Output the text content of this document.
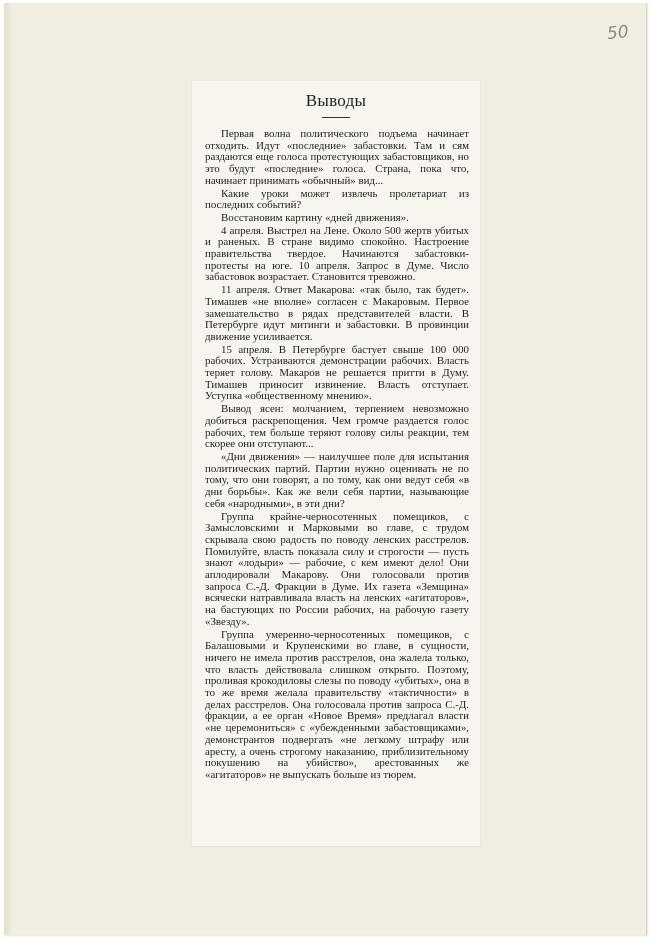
50
Выводы

Первая волна политического подъема начинает отходить. Идут «последние» забастовки. Там и сям раздаются еще голоса протестующих забастовщиков, но это будут «последние» голоса. Страна, пока что, начинает принимать «обычный» вид...

Какие уроки может извлечь пролетариат из последних событий?

Восстановим картину «дней движения».

4 апреля. Выстрел на Лене. Около 500 жертв убитых и раненых. В стране видимо спокойно. Настроение правительства твердое. Начинаются забастовки-протесты на юге. 10 апреля. Запрос в Думе. Число забастовок возрастает. Становится тревожно.

11 апреля. Ответ Макарова: «так было, так будет». Тимашев «не вполне» согласен с Макаровым. Первое замешательство в рядах представителей власти. В Петербурге идут митинги и забастовки. В провинции движение усиливается.

15 апреля. В Петербурге бастует свыше 100 000 рабочих. Устраиваются демонстрации рабочих. Власть теряет голову. Макаров не решается притти в Думу. Тимашев приносит извинение. Власть отступает. Уступка «общественному мнению».

Вывод ясен: молчанием, терпением невозможно добиться раскрепощения. Чем громче раздается голос рабочих, тем больше теряют голову силы реакции, тем скорее они отступают...

«Дни движения» — наилучшее поле для испытания политических партий. Партии нужно оценивать не по тому, что они говорят, а по тому, как они ведут себя «в дни борьбы». Как же вели себя партии, называющие себя «народными», в эти дни?

Группа крайне-черносотенных помещиков, с Замысловскими и Марковыми во главе, с трудом скрывала свою радость по поводу ленских расстрелов. Помилуйте, власть показала силу и строгости — пусть знают «лодыри» — рабочие, с кем имеют дело! Они аплодировали Макарову. Они голосовали против запроса С.-Д. Фракции в Думе. Их газета «Земщина» всячески натравливала власть на ленских «агитаторов», на бастующих по России рабочих, на рабочую газету «Звезду».

Группа умеренно-черносотенных помещиков, с Балашовыми и Крупенскими во главе, в сущности, ничего не имела против расстрелов, она жалела только, что власть действовала слишком открыто. Поэтому, проливая крокодиловы слезы по поводу «убитых», она в то же время желала правительству «тактичности» в делах расстрелов. Она голосовала против запроса С.-Д. фракции, а ее орган «Новое Время» предлагал власти «не церемониться» с «убежденными забастовщиками», демонстрантов подвергать «не легкому штрафу или аресту, а очень строгому наказанию, приблизительному покушению на убийство», арестованных же «агитаторов» не выпускать больше из тюрем.
